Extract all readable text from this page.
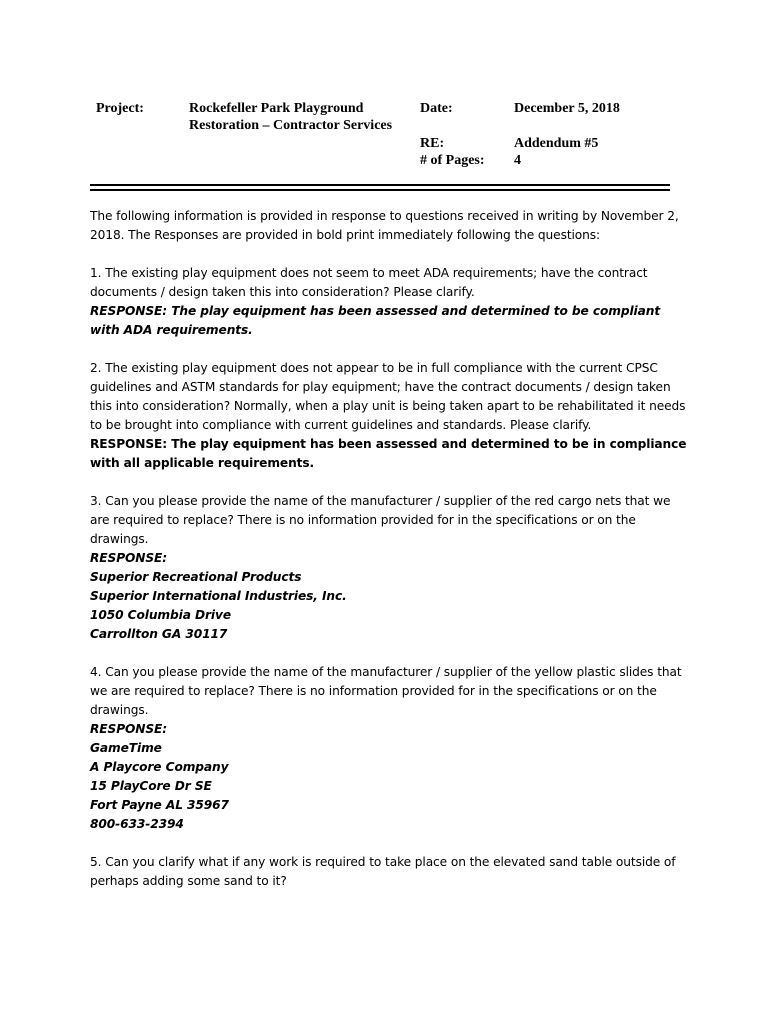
Project:	Rockefeller Park Playground
Restoration – Contractor Services
Date:	December 5, 2018
RE:	Addendum #5
# of Pages: 4

The following information is provided in response to questions received in writing by November 2, 2018. The Responses are provided in bold print immediately following the questions:

1. The existing play equipment does not seem to meet ADA requirements; have the contract documents / design taken this into consideration? Please clarify.
RESPONSE: The play equipment has been assessed and determined to be compliant with ADA requirements.

2. The existing play equipment does not appear to be in full compliance with the current CPSC guidelines and ASTM standards for play equipment; have the contract documents / design taken this into consideration? Normally, when a play unit is being taken apart to be rehabilitated it needs to be brought into compliance with current guidelines and standards. Please clarify.
RESPONSE: The play equipment has been assessed and determined to be in compliance with all applicable requirements.

3. Can you please provide the name of the manufacturer / supplier of the red cargo nets that we are required to replace? There is no information provided for in the specifications or on the drawings.
RESPONSE:
Superior Recreational Products
Superior International Industries, Inc.
1050 Columbia Drive
Carrollton GA 30117

4. Can you please provide the name of the manufacturer / supplier of the yellow plastic slides that we are required to replace? There is no information provided for in the specifications or on the drawings.
RESPONSE:
GameTime
A Playcore Company
15 PlayCore Dr SE
Fort Payne AL 35967
800-633-2394

5. Can you clarify what if any work is required to take place on the elevated sand table outside of perhaps adding some sand to it?
